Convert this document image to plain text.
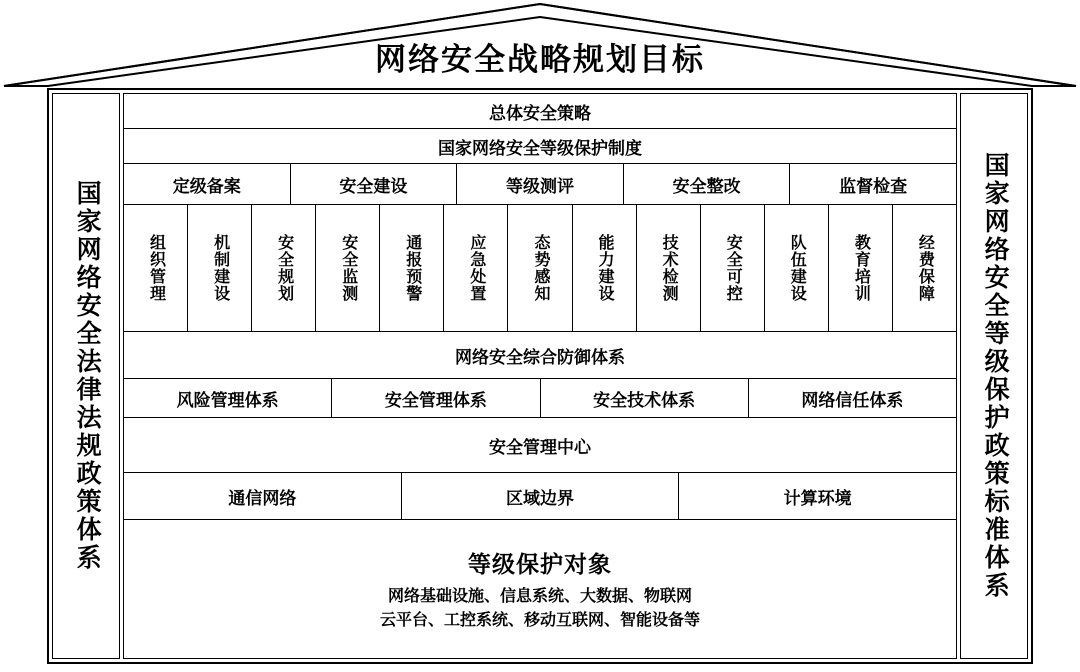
网络安全战略规划目标
国家网络安全法律法规政策体系
总体安全策略
国家网络安全等级保护制度
定级备案	安全建设	等级测评	安全整改	监督检查
组织管理	机制建设	安全规划	安全监测	通报预警	应急处置	态势感知	能力建设	技术检测	安全可控	队伍建设	教育培训	经费保障
网络安全综合防御体系
风险管理体系	安全管理体系	安全技术体系	网络信任体系
安全管理中心
通信网络	区域边界	计算环境
等级保护对象
网络基础设施、信息系统、大数据、物联网
云平台、工控系统、移动互联网、智能设备等
国家网络安全等级保护政策标准体系
